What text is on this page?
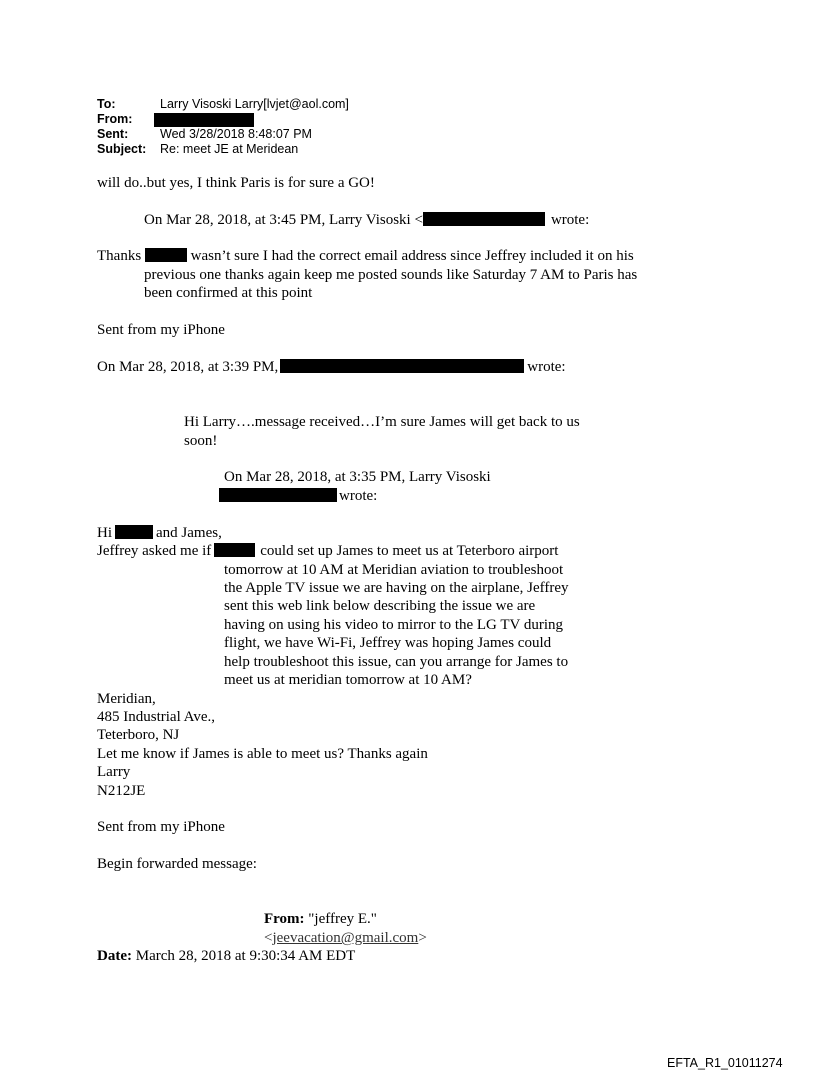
To:	Larry Visoski Larry[lvjet@aol.com]
From:
Sent:	Wed 3/28/2018 8:48:07 PM
Subject: Re: meet JE at Meridean
will do..but yes, I think Paris is for sure a GO!
On Mar 28, 2018, at 3:45 PM, Larry Visoski <	wrote:
Thanks	wasn’t sure I had the correct email address since Jeffrey included it on his
previous one thanks again keep me posted sounds like Saturday 7 AM to Paris has
been confirmed at this point
Sent from my iPhone
On Mar 28, 2018, at 3:39 PM,	wrote:
Hi Larry….message received…I’m sure James will get back to us
soon!
On Mar 28, 2018, at 3:35 PM, Larry Visoski
wrote:
Hi	and James,
Jeffrey asked me if	could set up James to meet us at Teterboro airport
tomorrow at 10 AM at Meridian aviation to troubleshoot
the Apple TV issue we are having on the airplane, Jeffrey
sent this web link below describing the issue we are
having on using his video to mirror to the LG TV during
flight, we have Wi-Fi, Jeffrey was hoping James could
help troubleshoot this issue, can you arrange for James to
meet us at meridian tomorrow at 10 AM?
Meridian,
485 Industrial Ave.,
Teterboro, NJ
Let me know if James is able to meet us? Thanks again
Larry
N212JE
Sent from my iPhone
Begin forwarded message:
From: "jeffrey E."
<jeevacation@gmail.com>
Date: March 28, 2018 at 9:30:34 AM EDT
EFTA_R1_01011274
